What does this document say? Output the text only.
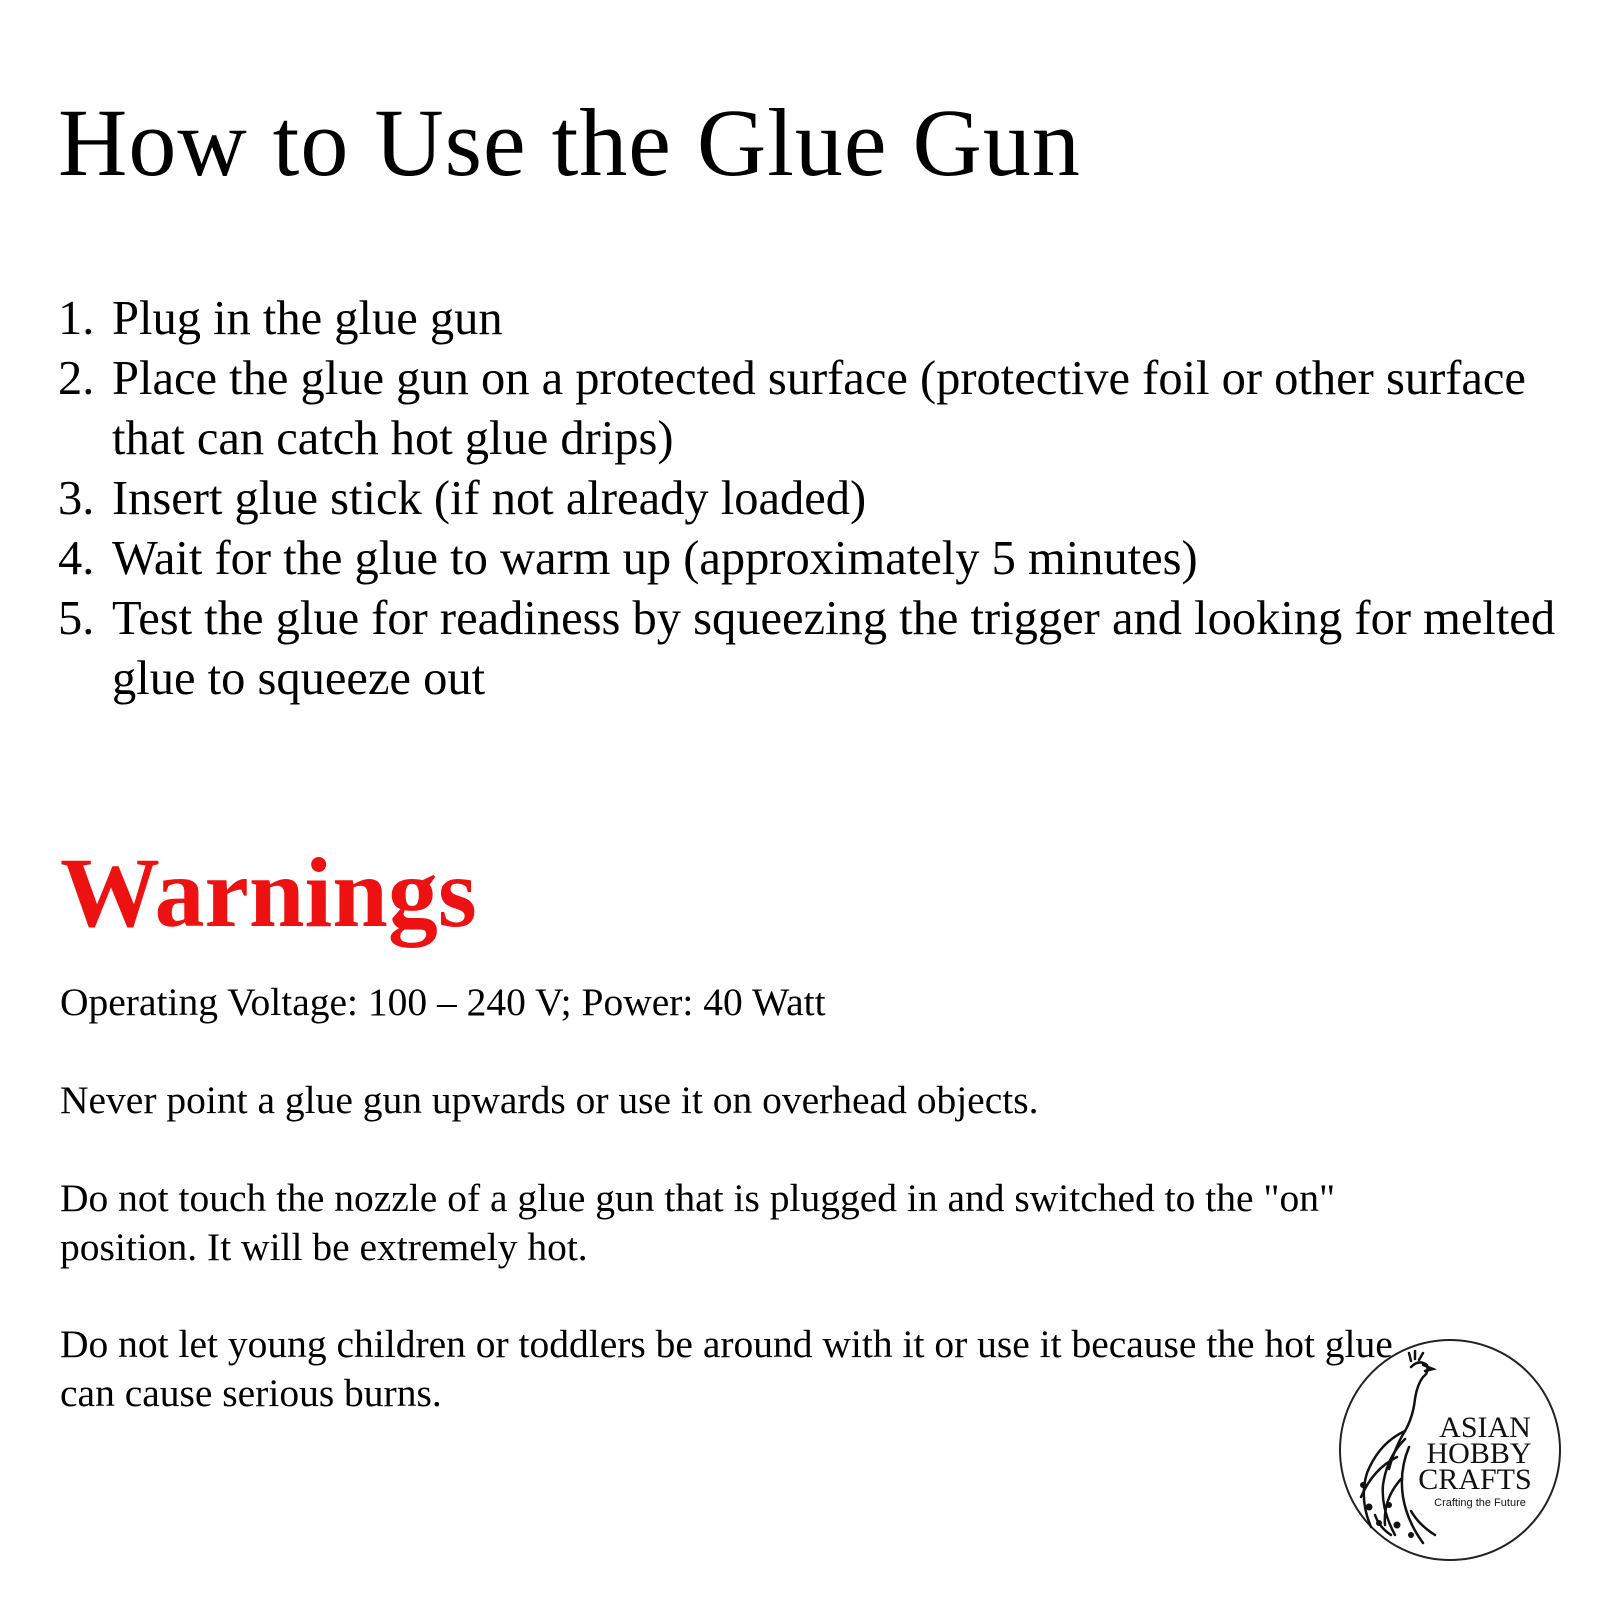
How to Use the Glue Gun
1. Plug in the glue gun
2. Place the glue gun on a protected surface (protective foil or other surface that can catch hot glue drips)
3. Insert glue stick (if not already loaded)
4. Wait for the glue to warm up (approximately 5 minutes)
5. Test the glue for readiness by squeezing the trigger and looking for melted glue to squeeze out
Warnings

Operating Voltage: 100 – 240 V; Power: 40 Watt

Never point a glue gun upwards or use it on overhead objects.

Do not touch the nozzle of a glue gun that is plugged in and switched to the "on" position. It will be extremely hot.

Do not let young children or toddlers be around with it or use it because the hot glue can cause serious burns.

ASIAN
HOBBY
CRAFTS
Crafting the Future
